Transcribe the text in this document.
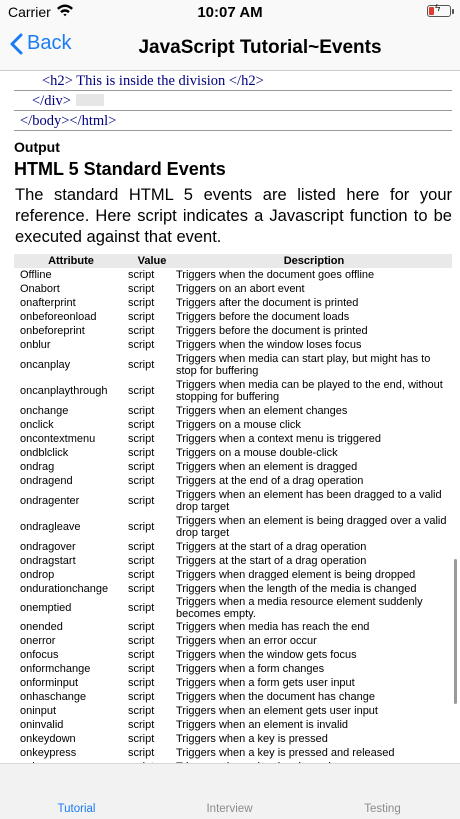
Carrier	10:07 AM	ϟ
Back	JavaScript Tutorial~Events
<h2> This is inside the division </h2>
</div>
</body></html>
Output
HTML 5 Standard Events
The standard HTML 5 events are listed here for your reference. Here script indicates a Javascript function to be executed against that event.
Attribute	Value	Description
Offline	script	Triggers when the document goes offline
Onabort	script	Triggers on an abort event
onafterprint	script	Triggers after the document is printed
onbeforeonload	script	Triggers before the document loads
onbeforeprint	script	Triggers before the document is printed
onblur	script	Triggers when the window loses focus
oncanplay	script	Triggers when media can start play, but might has to stop for buffering
oncanplaythrough	script	Triggers when media can be played to the end, without stopping for buffering
onchange	script	Triggers when an element changes
onclick	script	Triggers on a mouse click
oncontextmenu	script	Triggers when a context menu is triggered
ondblclick	script	Triggers on a mouse double-click
ondrag	script	Triggers when an element is dragged
ondragend	script	Triggers at the end of a drag operation
ondragenter	script	Triggers when an element has been dragged to a valid drop target
ondragleave	script	Triggers when an element is being dragged over a valid drop target
ondragover	script	Triggers at the start of a drag operation
ondragstart	script	Triggers at the start of a drag operation
ondrop	script	Triggers when dragged element is being dropped
ondurationchange	script	Triggers when the length of the media is changed
onemptied	script	Triggers when a media resource element suddenly becomes empty.
onended	script	Triggers when media has reach the end
onerror	script	Triggers when an error occur
onfocus	script	Triggers when the window gets focus
onformchange	script	Triggers when a form changes
onforminput	script	Triggers when a form gets user input
onhaschange	script	Triggers when the document has change
oninput	script	Triggers when an element gets user input
oninvalid	script	Triggers when an element is invalid
onkeydown	script	Triggers when a key is pressed
onkeypress	script	Triggers when a key is pressed and released

Tutorial	Interview	Testing
